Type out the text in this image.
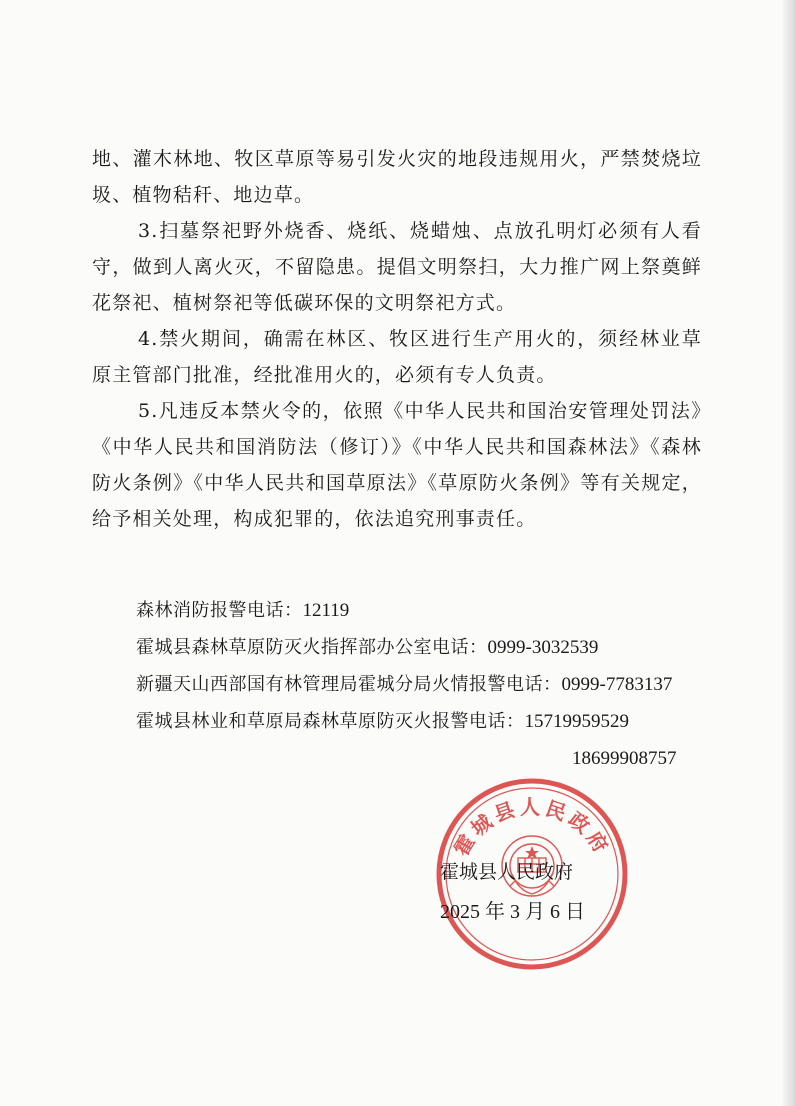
地、灌木林地、牧区草原等易引发火灾的地段违规用火，严禁焚烧垃圾、植物秸秆、地边草。

3.扫墓祭祀野外烧香、烧纸、烧蜡烛、点放孔明灯必须有人看守，做到人离火灭，不留隐患。提倡文明祭扫，大力推广网上祭奠鲜花祭祀、植树祭祀等低碳环保的文明祭祀方式。

4.禁火期间，确需在林区、牧区进行生产用火的，须经林业草原主管部门批准，经批准用火的，必须有专人负责。

5.凡违反本禁火令的，依照《中华人民共和国治安管理处罚法》《中华人民共和国消防法（修订）》《中华人民共和国森林法》《森林防火条例》《中华人民共和国草原法》《草原防火条例》等有关规定，给予相关处理，构成犯罪的，依法追究刑事责任。

森林消防报警电话：12119

霍城县森林草原防灭火指挥部办公室电话：0999-3032539

新疆天山西部国有林管理局霍城分局火情报警电话：0999-7783137

霍城县林业和草原局森林草原防灭火报警电话：15719959529

18699908757

霍城县人民政府

霍城县人民政府

2025 年 3 月 6 日
